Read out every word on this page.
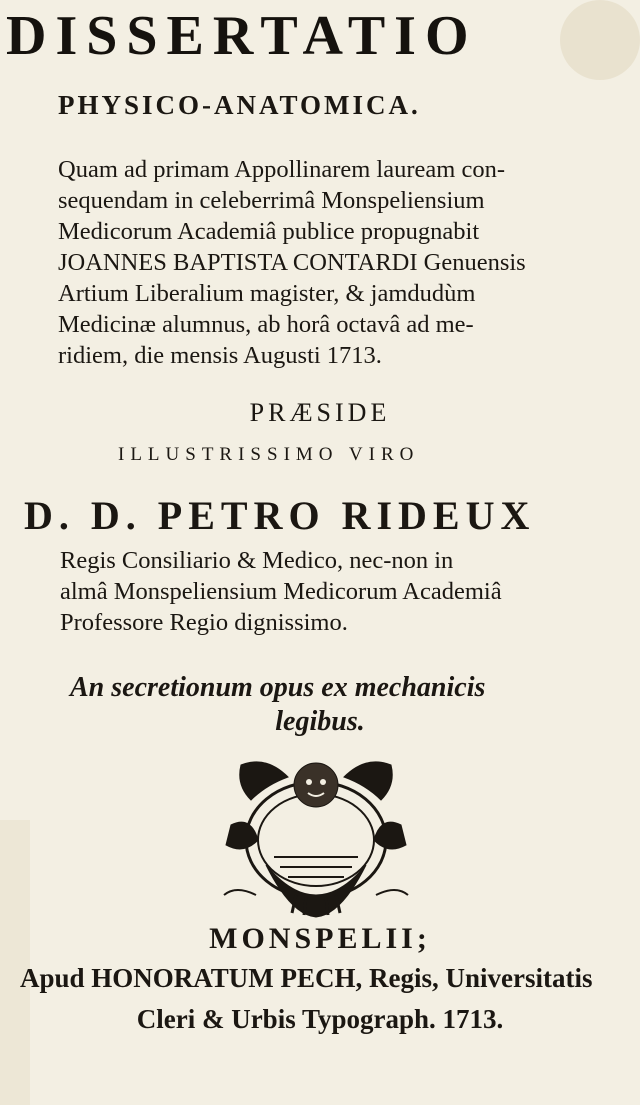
DISSERTATIO
PHYSICO-ANATOMICA.
Quam ad primam Appollinarem lauream con-
sequendam in celeberrimâ Monspeliensium
Medicorum Academiâ publice propugnabit
JOANNES BAPTISTA CONTARDI Genuensis
Artium Liberalium magister, & jamdudùm
Medicinæ alumnus, ab horâ octavâ ad me-
ridiem, die mensis Augusti 1713.
PRÆSIDE
ILLUSTRISSIMO VIRO
D. D. PETRO RIDEUX
Regis Consiliario & Medico, nec-non in
almâ Monspeliensium Medicorum Academiâ
Professore Regio dignissimo.
An secretionum opus ex mechanicis
legibus.
MONSPELII;
Apud HONORATUM PECH, Regis, Universitatis
Cleri & Urbis Typograph. 1713.
